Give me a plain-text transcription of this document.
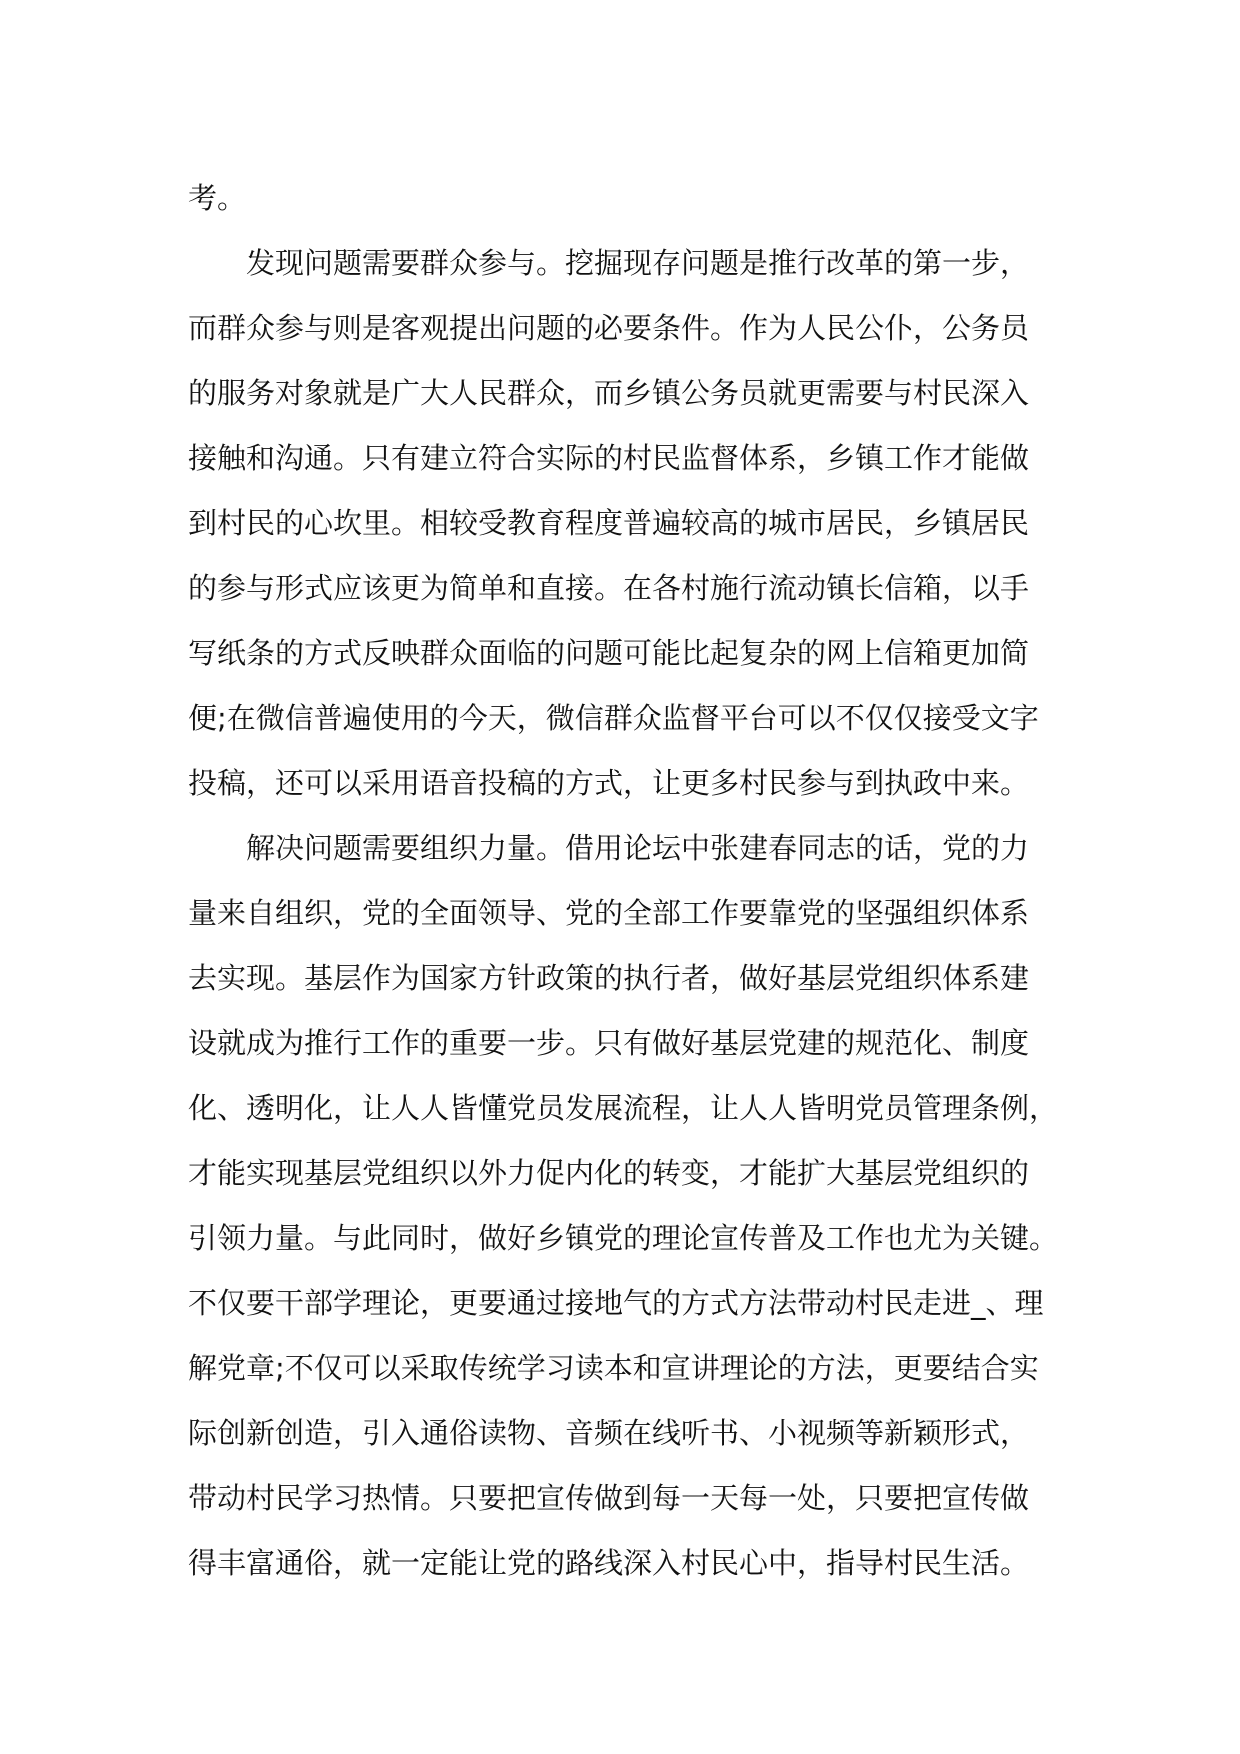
考。
发现问题需要群众参与。挖掘现存问题是推行改革的第一步，
而群众参与则是客观提出问题的必要条件。作为人民公仆，公务员
的服务对象就是广大人民群众，而乡镇公务员就更需要与村民深入
接触和沟通。只有建立符合实际的村民监督体系，乡镇工作才能做
到村民的心坎里。相较受教育程度普遍较高的城市居民，乡镇居民
的参与形式应该更为简单和直接。在各村施行流动镇长信箱，以手
写纸条的方式反映群众面临的问题可能比起复杂的网上信箱更加简
便;在微信普遍使用的今天，微信群众监督平台可以不仅仅接受文字
投稿，还可以采用语音投稿的方式，让更多村民参与到执政中来。
解决问题需要组织力量。借用论坛中张建春同志的话，党的力
量来自组织，党的全面领导、党的全部工作要靠党的坚强组织体系
去实现。基层作为国家方针政策的执行者，做好基层党组织体系建
设就成为推行工作的重要一步。只有做好基层党建的规范化、制度
化、透明化，让人人皆懂党员发展流程，让人人皆明党员管理条例，
才能实现基层党组织以外力促内化的转变，才能扩大基层党组织的
引领力量。与此同时，做好乡镇党的理论宣传普及工作也尤为关键。
不仅要干部学理论，更要通过接地气的方式方法带动村民走进_、理
解党章;不仅可以采取传统学习读本和宣讲理论的方法，更要结合实
际创新创造，引入通俗读物、音频在线听书、小视频等新颖形式，
带动村民学习热情。只要把宣传做到每一天每一处，只要把宣传做
得丰富通俗，就一定能让党的路线深入村民心中，指导村民生活。
